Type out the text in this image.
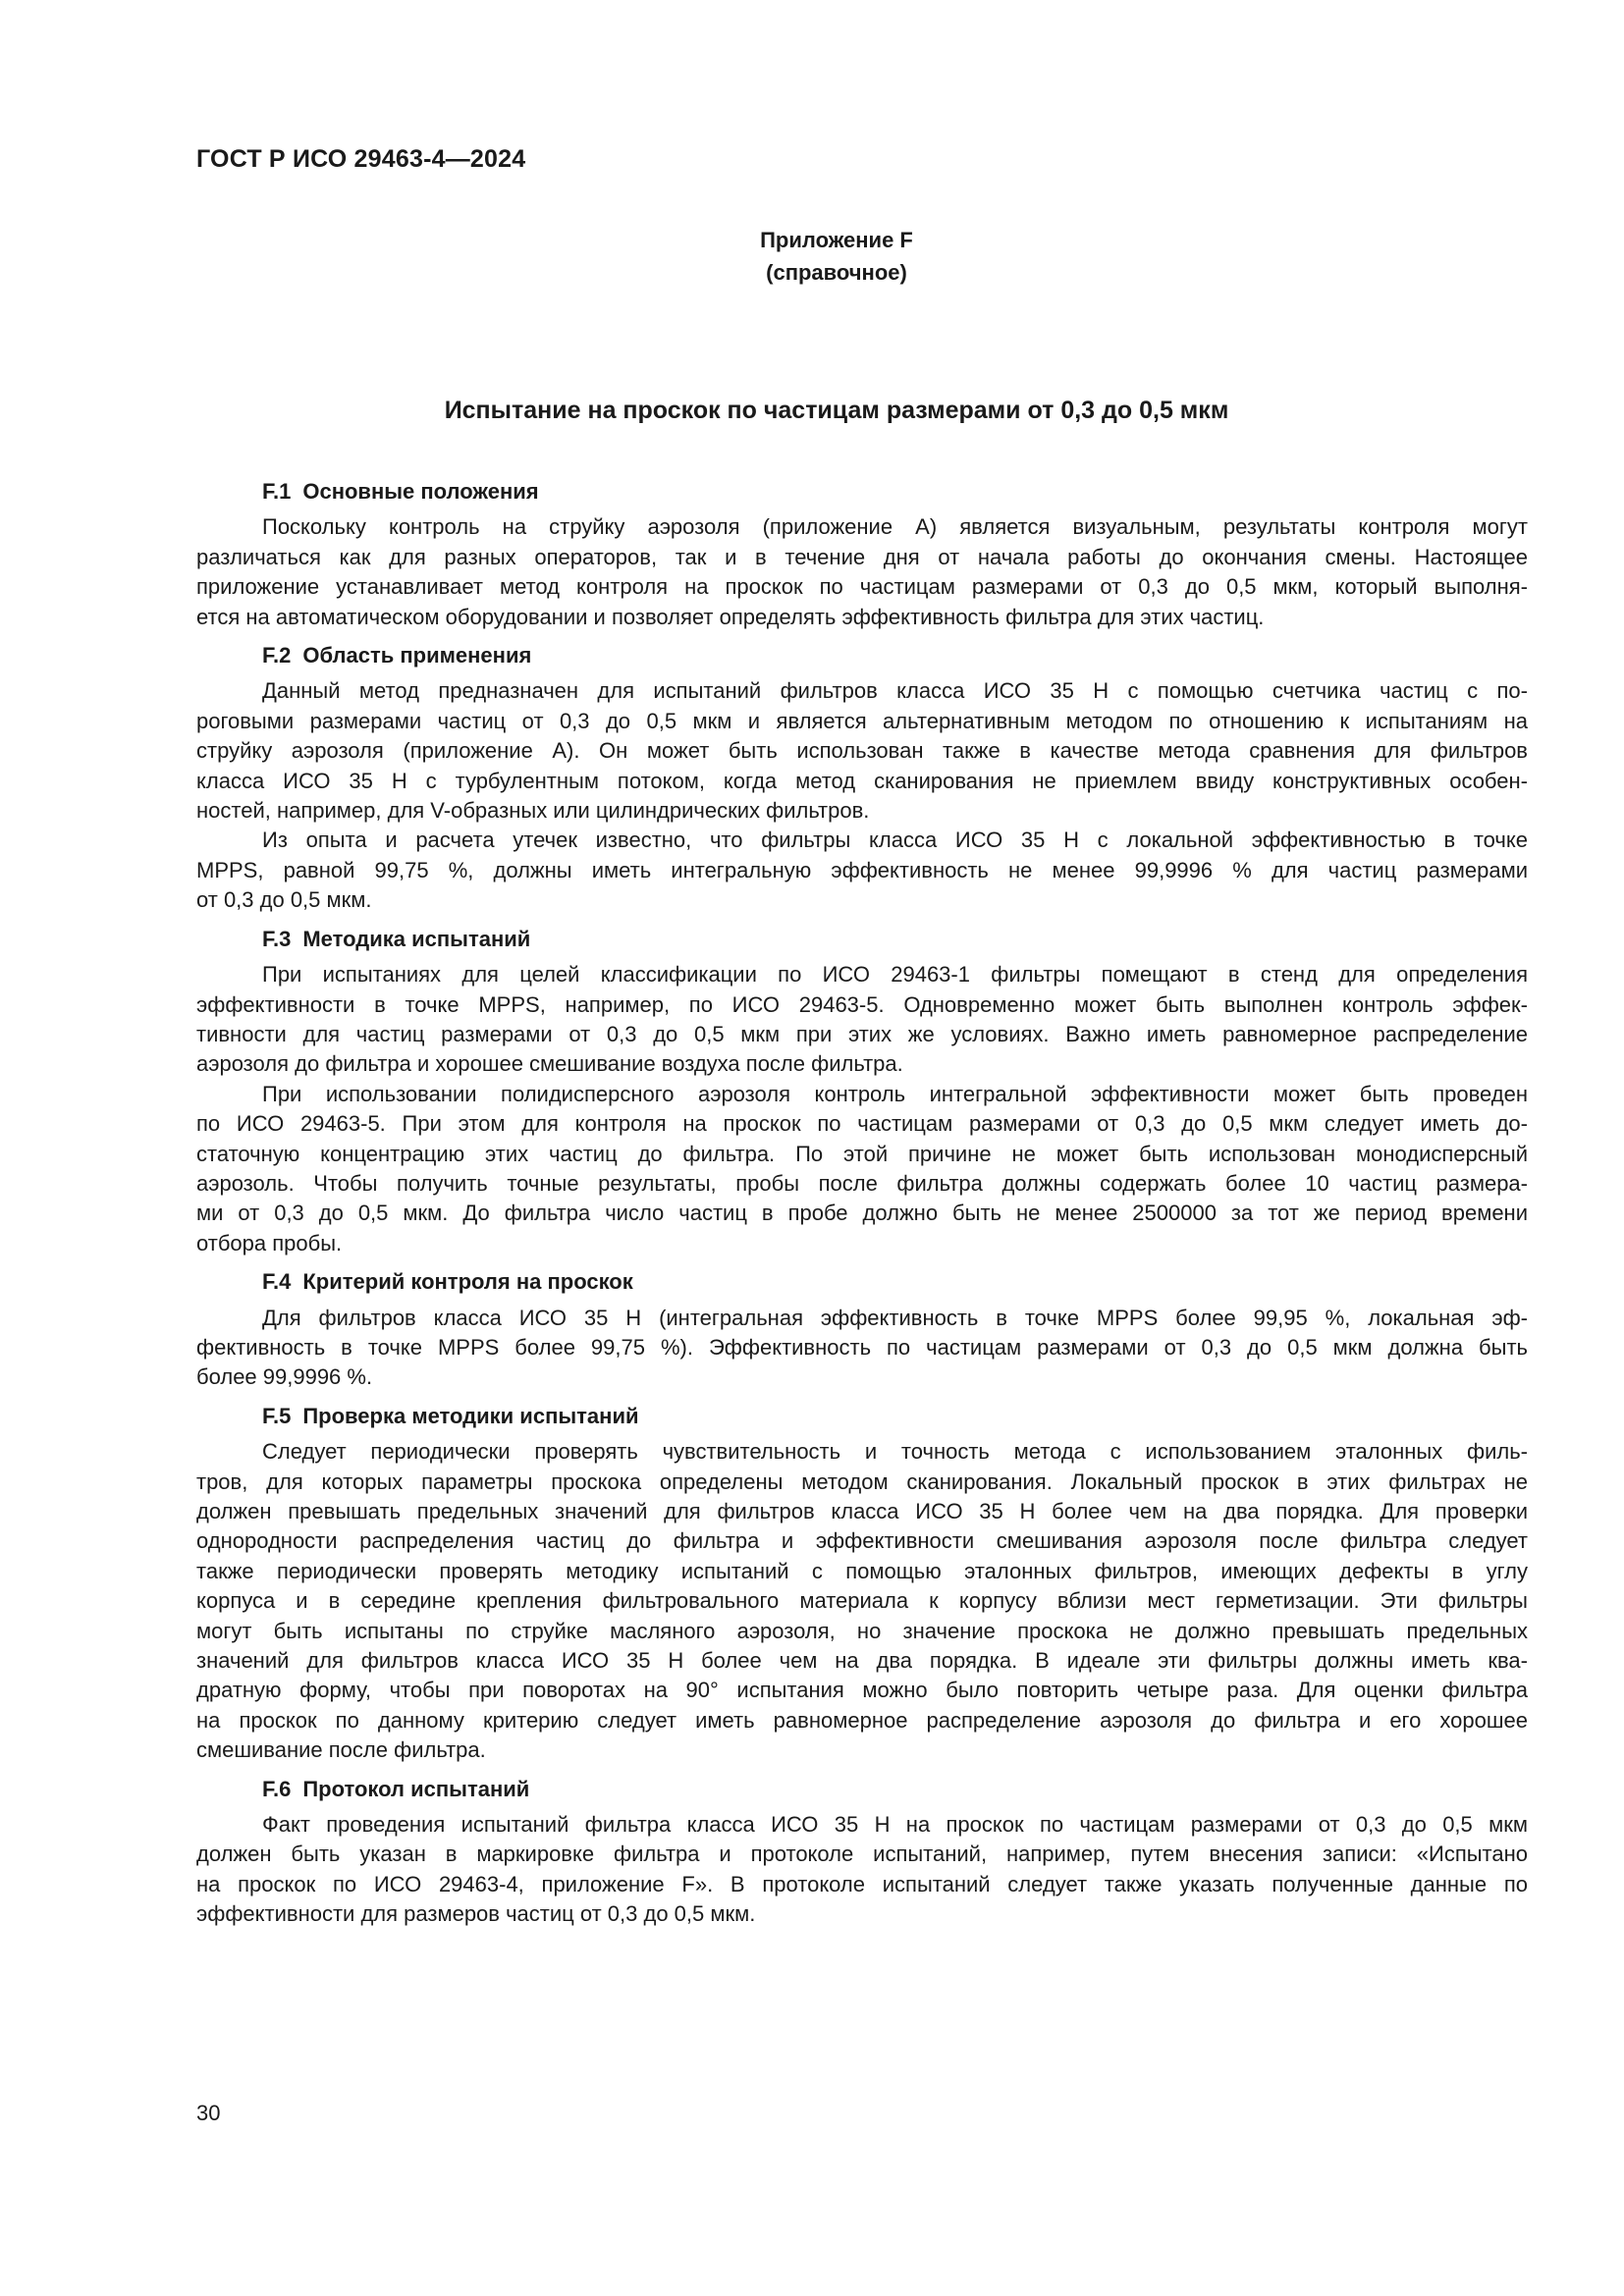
ГОСТ Р ИСО 29463-4—2024
Приложение F
(справочное)
Испытание на проскок по частицам размерами от 0,3 до 0,5 мкм
F.1 Основные положения
Поскольку контроль на струйку аэрозоля (приложение А) является визуальным, результаты контроля могут
различаться как для разных операторов, так и в течение дня от начала работы до окончания смены. Настоящее
приложение устанавливает метод контроля на проскок по частицам размерами от 0,3 до 0,5 мкм, который выполня-
ется на автоматическом оборудовании и позволяет определять эффективность фильтра для этих частиц.
F.2 Область применения
Данный метод предназначен для испытаний фильтров класса ИСО 35 Н с помощью счетчика частиц с по-
роговыми размерами частиц от 0,3 до 0,5 мкм и является альтернативным методом по отношению к испытаниям на
струйку аэрозоля (приложение А). Он может быть использован также в качестве метода сравнения для фильтров
класса ИСО 35 Н с турбулентным потоком, когда метод сканирования не приемлем ввиду конструктивных особен-
ностей, например, для V-образных или цилиндрических фильтров.
Из опыта и расчета утечек известно, что фильтры класса ИСО 35 Н с локальной эффективностью в точке
MPPS, равной 99,75 %, должны иметь интегральную эффективность не менее 99,9996 % для частиц размерами
от 0,3 до 0,5 мкм.
F.3 Методика испытаний
При испытаниях для целей классификации по ИСО 29463-1 фильтры помещают в стенд для определения
эффективности в точке MPPS, например, по ИСО 29463-5. Одновременно может быть выполнен контроль эффек-
тивности для частиц размерами от 0,3 до 0,5 мкм при этих же условиях. Важно иметь равномерное распределение
аэрозоля до фильтра и хорошее смешивание воздуха после фильтра.
При использовании полидисперсного аэрозоля контроль интегральной эффективности может быть проведен
по ИСО 29463-5. При этом для контроля на проскок по частицам размерами от 0,3 до 0,5 мкм следует иметь до-
статочную концентрацию этих частиц до фильтра. По этой причине не может быть использован монодисперсный
аэрозоль. Чтобы получить точные результаты, пробы после фильтра должны содержать более 10 частиц размера-
ми от 0,3 до 0,5 мкм. До фильтра число частиц в пробе должно быть не менее 2500000 за тот же период времени
отбора пробы.
F.4 Критерий контроля на проскок
Для фильтров класса ИСО 35 Н (интегральная эффективность в точке MPPS более 99,95 %, локальная эф-
фективность в точке MPPS более 99,75 %). Эффективность по частицам размерами от 0,3 до 0,5 мкм должна быть
более 99,9996 %.
F.5 Проверка методики испытаний
Следует периодически проверять чувствительность и точность метода с использованием эталонных филь-
тров, для которых параметры проскока определены методом сканирования. Локальный проскок в этих фильтрах не
должен превышать предельных значений для фильтров класса ИСО 35 Н более чем на два порядка. Для проверки
однородности распределения частиц до фильтра и эффективности смешивания аэрозоля после фильтра следует
также периодически проверять методику испытаний с помощью эталонных фильтров, имеющих дефекты в углу
корпуса и в середине крепления фильтровального материала к корпусу вблизи мест герметизации. Эти фильтры
могут быть испытаны по струйке масляного аэрозоля, но значение проскока не должно превышать предельных
значений для фильтров класса ИСО 35 Н более чем на два порядка. В идеале эти фильтры должны иметь ква-
дратную форму, чтобы при поворотах на 90° испытания можно было повторить четыре раза. Для оценки фильтра
на проскок по данному критерию следует иметь равномерное распределение аэрозоля до фильтра и его хорошее
смешивание после фильтра.
F.6 Протокол испытаний
Факт проведения испытаний фильтра класса ИСО 35 Н на проскок по частицам размерами от 0,3 до 0,5 мкм
должен быть указан в маркировке фильтра и протоколе испытаний, например, путем внесения записи: «Испытано
на проскок по ИСО 29463-4, приложение F». В протоколе испытаний следует также указать полученные данные по
эффективности для размеров частиц от 0,3 до 0,5 мкм.
30
